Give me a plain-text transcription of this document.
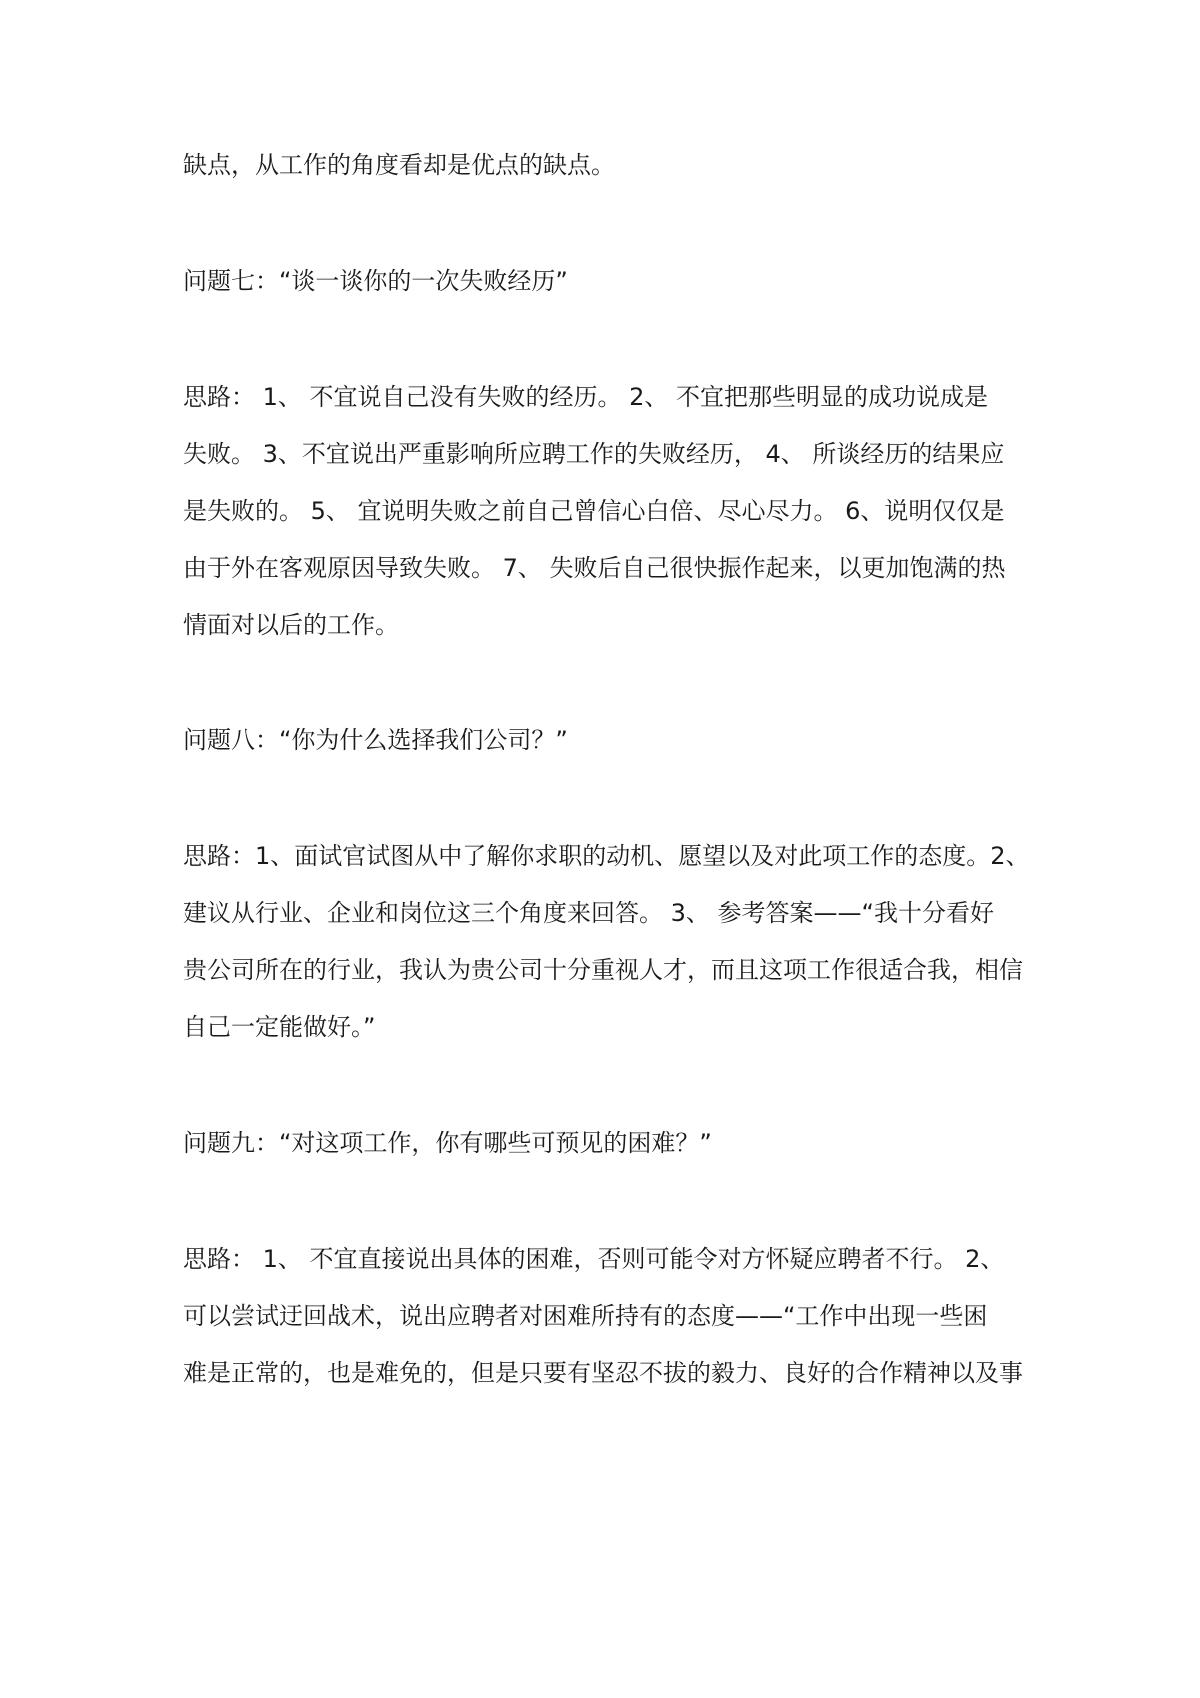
缺点，从工作的角度看却是优点的缺点。
问题七：“谈一谈你的一次失败经历”
思路： 1、 不宜说自己没有失败的经历。 2、 不宜把那些明显的成功说成是
失败。 3、不宜说出严重影响所应聘工作的失败经历， 4、 所谈经历的结果应
是失败的。 5、 宜说明失败之前自己曾信心白倍、尽心尽力。 6、说明仅仅是
由于外在客观原因导致失败。 7、 失败后自己很快振作起来，以更加饱满的热
情面对以后的工作。
问题八：“你为什么选择我们公司？”
思路：1、面试官试图从中了解你求职的动机、愿望以及对此项工作的态度。2、
建议从行业、企业和岗位这三个角度来回答。 3、 参考答案——“我十分看好
贵公司所在的行业，我认为贵公司十分重视人才，而且这项工作很适合我，相信
自己一定能做好。”
问题九：“对这项工作，你有哪些可预见的困难？”
思路： 1、 不宜直接说出具体的困难，否则可能令对方怀疑应聘者不行。 2、
可以尝试迂回战术，说出应聘者对困难所持有的态度——“工作中出现一些困
难是正常的，也是难免的，但是只要有坚忍不拔的毅力、良好的合作精神以及事
